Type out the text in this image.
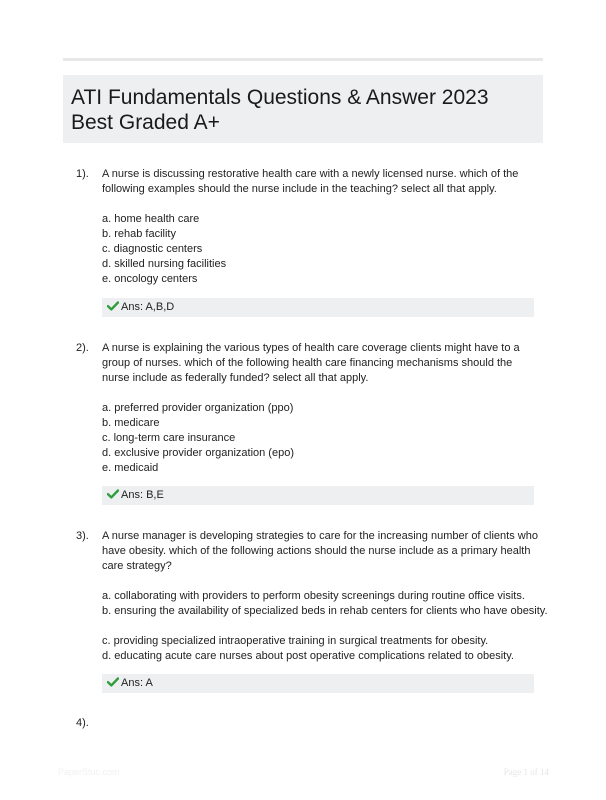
ATI Fundamentals Questions & Answer 2023 Best Graded A+
1). A nurse is discussing restorative health care with a newly licensed nurse. which of the following examples should the nurse include in the teaching? select all that apply.
a. home health care
b. rehab facility
c. diagnostic centers
d. skilled nursing facilities
e. oncology centers
Ans: A,B,D
2). A nurse is explaining the various types of health care coverage clients might have to a group of nurses. which of the following health care financing mechanisms should the nurse include as federally funded? select all that apply.
a. preferred provider organization (ppo)
b. medicare
c. long-term care insurance
d. exclusive provider organization (epo)
e. medicaid
Ans: B,E
3). A nurse manager is developing strategies to care for the increasing number of clients who have obesity. which of the following actions should the nurse include as a primary health care strategy?
a. collaborating with providers to perform obesity screenings during routine office visits.
b. ensuring the availability of specialized beds in rehab centers for clients who have obesity.
c. providing specialized intraoperative training in surgical treatments for obesity.
d. educating acute care nurses about post operative complications related to obesity.
Ans: A
4).
PaperStuc.com	Page 1 of 14
